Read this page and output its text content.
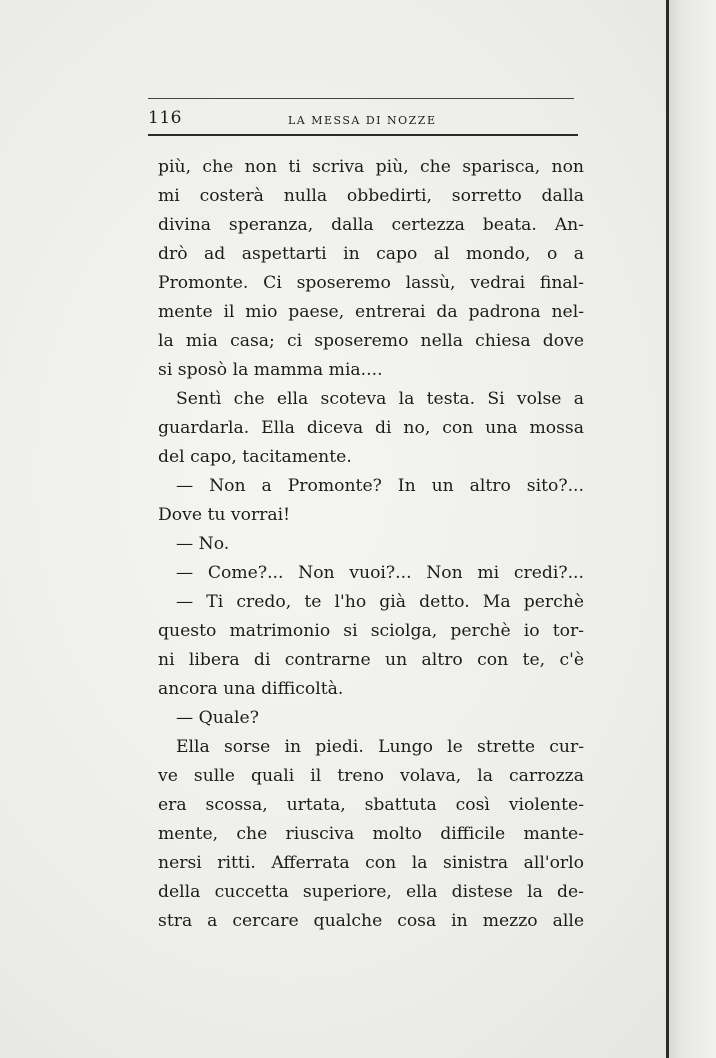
116	LA MESSA DI NOZZE
più, che non ti scriva più, che sparisca, non
mi costerà nulla obbedirti, sorretto dalla
divina speranza, dalla certezza beata. An-
drò ad aspettarti in capo al mondo, o a
Promonte. Ci sposeremo lassù, vedrai final-
mente il mio paese, entrerai da padrona nel-
la mia casa; ci sposeremo nella chiesa dove
si sposò la mamma mia....
Sentì che ella scoteva la testa. Si volse a
guardarla. Ella diceva di no, con una mossa
del capo, tacitamente.
— Non a Promonte? In un altro sito?...
Dove tu vorrai!
— No.
— Come?... Non vuoi?... Non mi credi?...
— Ti credo, te l'ho già detto. Ma perchè
questo matrimonio si sciolga, perchè io tor-
ni libera di contrarne un altro con te, c'è
ancora una difficoltà.
— Quale?
Ella sorse in piedi. Lungo le strette cur-
ve sulle quali il treno volava, la carrozza
era scossa, urtata, sbattuta così violente-
mente, che riusciva molto difficile mante-
nersi ritti. Afferrata con la sinistra all'orlo
della cuccetta superiore, ella distese la de-
stra a cercare qualche cosa in mezzo alle
